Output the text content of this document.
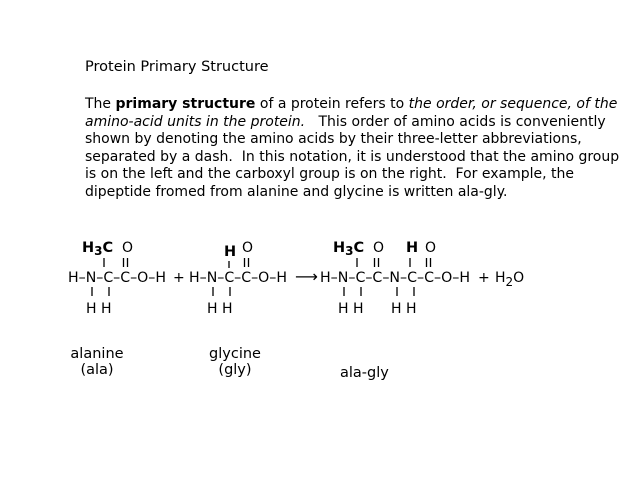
Protein Primary Structure
The primary structure of a protein refers to the order, or sequence, of the amino-acid units in the protein.   This order of amino acids is conveniently shown by denoting the amino acids by their three-letter abbreviations, separated by a dash.  In this notation, it is understood that the amino group is on the left and the carboxyl group is on the right.  For example, the dipeptide fromed from alanine and glycine is written ala-gly.
$H_3C$ O
H–N–C–C–O–H
H H
+
H O
H–N–C–C–O–H
H H
⟶
$H_3C$ O H O
H–N–C–C–N–C–C–O–H
H H H H
+ H2O
alanine
(ala)
glycine
(gly)	ala-gly
